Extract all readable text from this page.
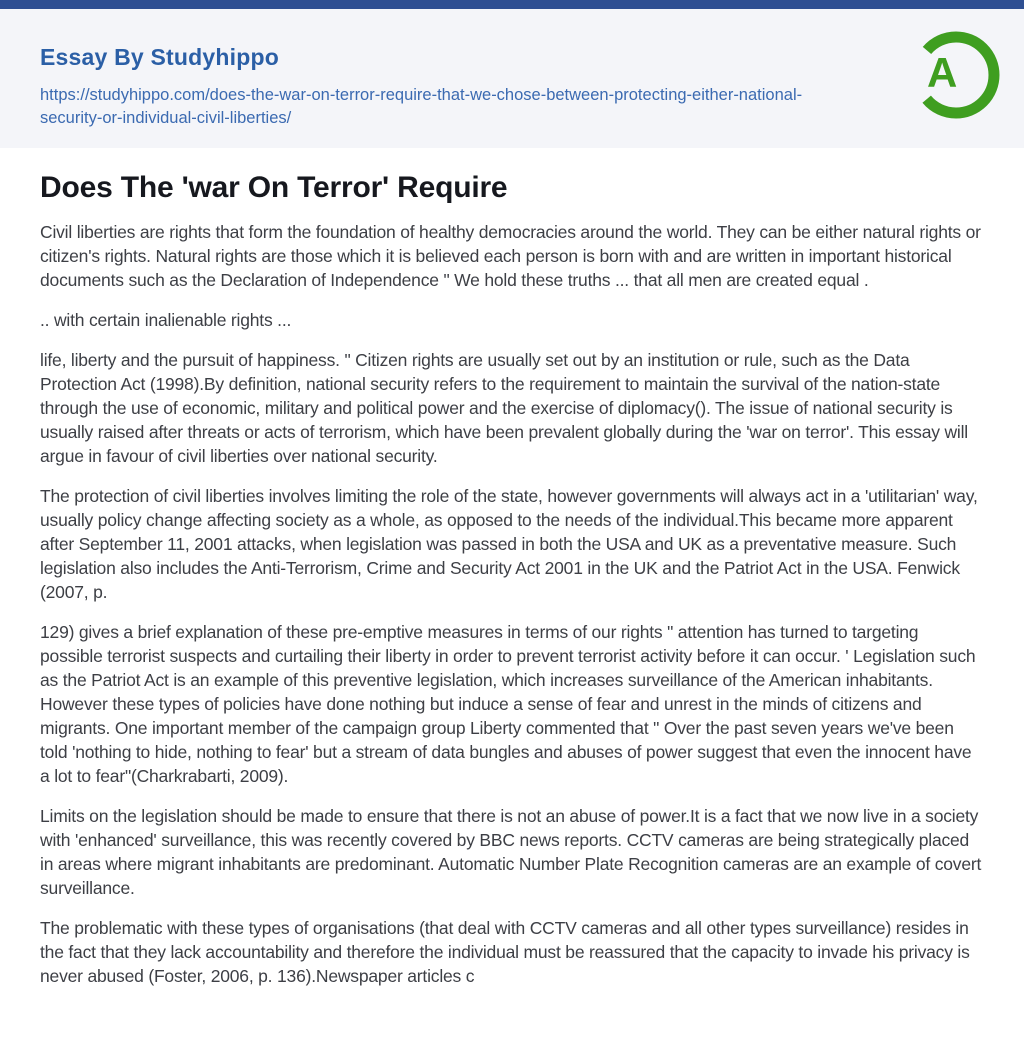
Essay By Studyhippo
https://studyhippo.com/does-the-war-on-terror-require-that-we-chose-between-protecting-either-national-security-or-individual-civil-liberties/
A
Does The 'war On Terror' Require

Civil liberties are rights that form the foundation of healthy democracies around the world. They can be either natural rights or citizen's rights. Natural rights are those which it is believed each person is born with and are written in important historical documents such as the Declaration of Independence " We hold these truths ... that all men are created equal .

.. with certain inalienable rights ...

life, liberty and the pursuit of happiness. " Citizen rights are usually set out by an institution or rule, such as the Data Protection Act (1998).By definition, national security refers to the requirement to maintain the survival of the nation-state through the use of economic, military and political power and the exercise of diplomacy(). The issue of national security is usually raised after threats or acts of terrorism, which have been prevalent globally during the 'war on terror'. This essay will argue in favour of civil liberties over national security.

The protection of civil liberties involves limiting the role of the state, however governments will always act in a 'utilitarian' way, usually policy change affecting society as a whole, as opposed to the needs of the individual.This became more apparent after September 11, 2001 attacks, when legislation was passed in both the USA and UK as a preventative measure. Such legislation also includes the Anti-Terrorism, Crime and Security Act 2001 in the UK and the Patriot Act in the USA. Fenwick (2007, p.

129) gives a brief explanation of these pre-emptive measures in terms of our rights " attention has turned to targeting possible terrorist suspects and curtailing their liberty in order to prevent terrorist activity before it can occur. ' Legislation such as the Patriot Act is an example of this preventive legislation, which increases surveillance of the American inhabitants. However these types of policies have done nothing but induce a sense of fear and unrest in the minds of citizens and migrants. One important member of the campaign group Liberty commented that " Over the past seven years we've been told 'nothing to hide, nothing to fear' but a stream of data bungles and abuses of power suggest that even the innocent have a lot to fear"(Charkrabarti, 2009).

Limits on the legislation should be made to ensure that there is not an abuse of power.It is a fact that we now live in a society with 'enhanced' surveillance, this was recently covered by BBC news reports. CCTV cameras are being strategically placed in areas where migrant inhabitants are predominant. Automatic Number Plate Recognition cameras are an example of covert surveillance.

The problematic with these types of organisations (that deal with CCTV cameras and all other types surveillance) resides in the fact that they lack accountability and therefore the individual must be reassured that the capacity to invade his privacy is never abused (Foster, 2006, p. 136).Newspaper articles c
